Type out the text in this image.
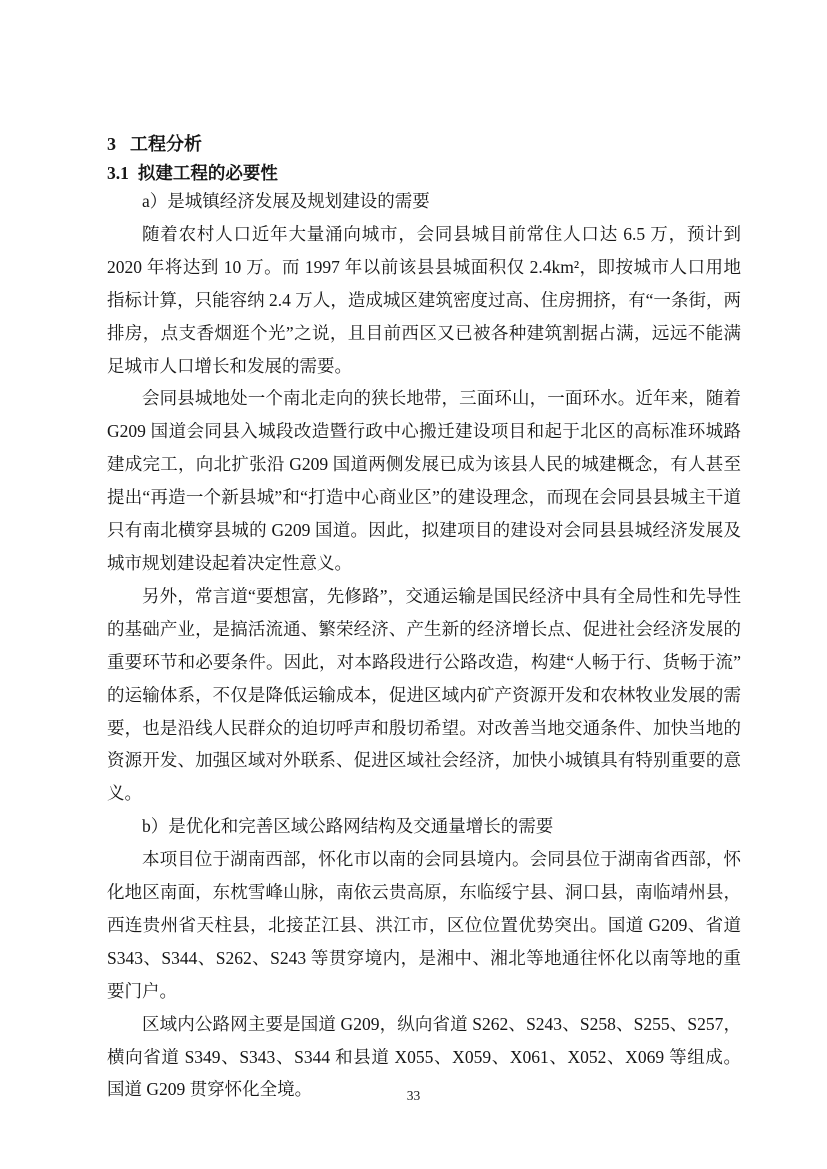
3 工程分析
3.1 拟建工程的必要性

a）是城镇经济发展及规划建设的需要

随着农村人口近年大量涌向城市，会同县城目前常住人口达 6.5 万，预计到 2020 年将达到 10 万。而 1997 年以前该县县城面积仅 2.4km²，即按城市人口用地指标计算，只能容纳 2.4 万人，造成城区建筑密度过高、住房拥挤，有“一条街，两排房，点支香烟逛个光”之说，且目前西区又已被各种建筑割据占满，远远不能满足城市人口增长和发展的需要。

会同县城地处一个南北走向的狭长地带，三面环山，一面环水。近年来，随着 G209 国道会同县入城段改造暨行政中心搬迁建设项目和起于北区的高标准环城路建成完工，向北扩张沿 G209 国道两侧发展已成为该县人民的城建概念，有人甚至提出“再造一个新县城”和“打造中心商业区”的建设理念，而现在会同县县城主干道只有南北横穿县城的 G209 国道。因此，拟建项目的建设对会同县县城经济发展及城市规划建设起着决定性意义。

另外，常言道“要想富，先修路”，交通运输是国民经济中具有全局性和先导性的基础产业，是搞活流通、繁荣经济、产生新的经济增长点、促进社会经济发展的重要环节和必要条件。因此，对本路段进行公路改造，构建“人畅于行、货畅于流”的运输体系，不仅是降低运输成本，促进区域内矿产资源开发和农林牧业发展的需要，也是沿线人民群众的迫切呼声和殷切希望。对改善当地交通条件、加快当地的资源开发、加强区域对外联系、促进区域社会经济，加快小城镇具有特别重要的意义。

b）是优化和完善区域公路网结构及交通量增长的需要

本项目位于湖南西部，怀化市以南的会同县境内。会同县位于湖南省西部，怀化地区南面，东枕雪峰山脉，南依云贵高原，东临绥宁县、洞口县，南临靖州县，西连贵州省天柱县，北接芷江县、洪江市，区位位置优势突出。国道 G209、省道 S343、S344、S262、S243 等贯穿境内，是湘中、湘北等地通往怀化以南等地的重要门户。

区域内公路网主要是国道 G209，纵向省道 S262、S243、S258、S255、S257，横向省道 S349、S343、S344 和县道 X055、X059、X061、X052、X069 等组成。国道 G209 贯穿怀化全境。	33
